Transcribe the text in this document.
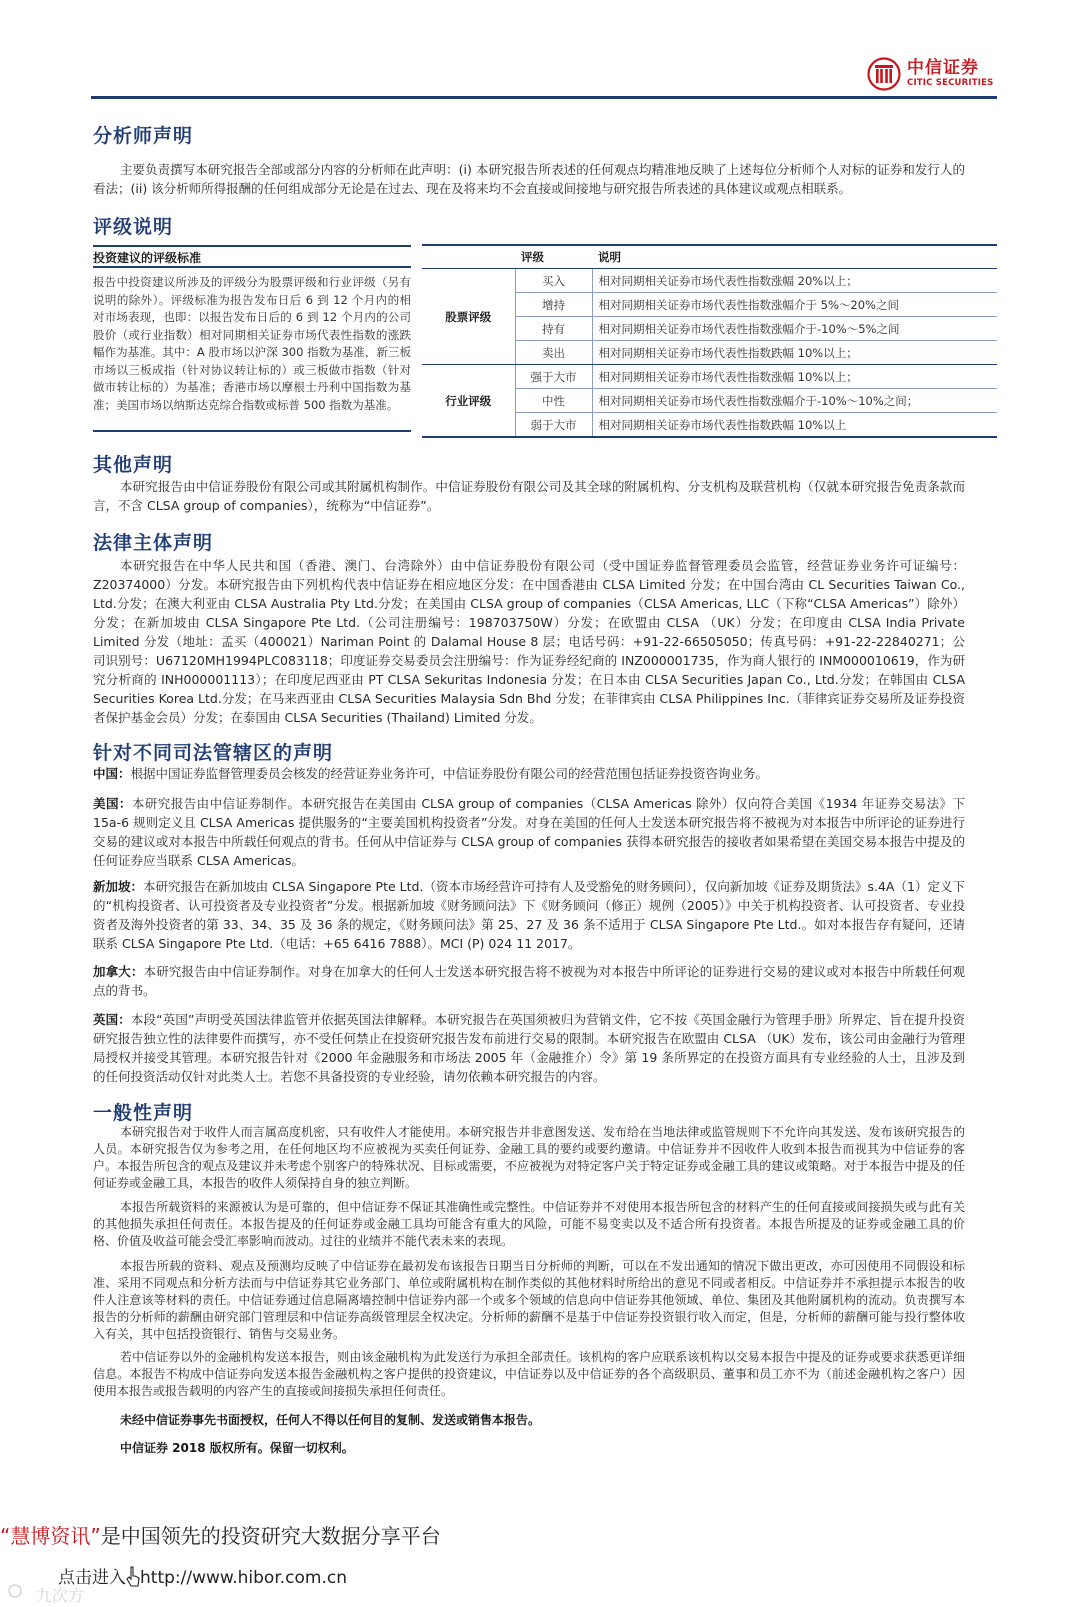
中信证券
CITIC SECURITIES
分析师声明
主要负责撰写本研究报告全部或部分内容的分析师在此声明：(i) 本研究报告所表述的任何观点均精准地反映了上述每位分析师个人对标的证券和发行人的看法；(ii) 该分析师所得报酬的任何组成部分无论是在过去、现在及将来均不会直接或间接地与研究报告所表述的具体建议或观点相联系。
评级说明
投资建议的评级标准
报告中投资建议所涉及的评级分为股票评级和行业评级（另有说明的除外）。评级标准为报告发布日后 6 到 12 个月内的相对市场表现，也即：以报告发布日后的 6 到 12 个月内的公司股价（或行业指数）相对同期相关证券市场代表性指数的涨跌幅作为基准。其中：A 股市场以沪深 300 指数为基准，新三板市场以三板成指（针对协议转让标的）或三板做市指数（针对做市转让标的）为基准；香港市场以摩根士丹利中国指数为基准；美国市场以纳斯达克综合指数或标普 500 指数为基准。
	评级	说明
股票评级	买入	相对同期相关证券市场代表性指数涨幅 20%以上；
	增持	相对同期相关证券市场代表性指数涨幅介于 5%～20%之间
	持有	相对同期相关证券市场代表性指数涨幅介于-10%～5%之间
	卖出	相对同期相关证券市场代表性指数跌幅 10%以上；
行业评级	强于大市	相对同期相关证券市场代表性指数涨幅 10%以上；
	中性	相对同期相关证券市场代表性指数涨幅介于-10%～10%之间；
	弱于大市	相对同期相关证券市场代表性指数跌幅 10%以上
其他声明
本研究报告由中信证券股份有限公司或其附属机构制作。中信证券股份有限公司及其全球的附属机构、分支机构及联营机构（仅就本研究报告免责条款而言，不含 CLSA group of companies），统称为“中信证券”。
法律主体声明
本研究报告在中华人民共和国（香港、澳门、台湾除外）由中信证券股份有限公司（受中国证券监督管理委员会监管，经营证券业务许可证编号：Z20374000）分发。本研究报告由下列机构代表中信证券在相应地区分发：在中国香港由 CLSA Limited 分发；在中国台湾由 CL Securities Taiwan Co., Ltd.分发；在澳大利亚由 CLSA Australia Pty Ltd.分发；在美国由 CLSA group of companies（CLSA Americas, LLC（下称“CLSA Americas”）除外）分发；在新加坡由 CLSA Singapore Pte Ltd.（公司注册编号：198703750W）分发；在欧盟由 CLSA （UK）分发；在印度由 CLSA India Private Limited 分发（地址：孟买（400021）Nariman Point 的 Dalamal House 8 层；电话号码：+91-22-66505050；传真号码：+91-22-22840271；公司识别号：U67120MH1994PLC083118；印度证券交易委员会注册编号：作为证券经纪商的 INZ000001735，作为商人银行的 INM000010619，作为研究分析商的 INH000001113）；在印度尼西亚由 PT CLSA Sekuritas Indonesia 分发；在日本由 CLSA Securities Japan Co., Ltd.分发；在韩国由 CLSA Securities Korea Ltd.分发；在马来西亚由 CLSA Securities Malaysia Sdn Bhd 分发；在菲律宾由 CLSA Philippines Inc.（菲律宾证券交易所及证券投资者保护基金会员）分发；在泰国由 CLSA Securities (Thailand) Limited 分发。
针对不同司法管辖区的声明
中国：根据中国证券监督管理委员会核发的经营证券业务许可，中信证券股份有限公司的经营范围包括证券投资咨询业务。
美国：本研究报告由中信证券制作。本研究报告在美国由 CLSA group of companies（CLSA Americas 除外）仅向符合美国《1934 年证券交易法》下 15a-6 规则定义且 CLSA Americas 提供服务的“主要美国机构投资者”分发。对身在美国的任何人士发送本研究报告将不被视为对本报告中所评论的证券进行交易的建议或对本报告中所载任何观点的背书。任何从中信证券与 CLSA group of companies 获得本研究报告的接收者如果希望在美国交易本报告中提及的任何证券应当联系 CLSA Americas。
新加坡：本研究报告在新加坡由 CLSA Singapore Pte Ltd.（资本市场经营许可持有人及受豁免的财务顾问），仅向新加坡《证券及期货法》s.4A（1）定义下的“机构投资者、认可投资者及专业投资者”分发。根据新加坡《财务顾问法》下《财务顾问（修正）规例（2005）》中关于机构投资者、认可投资者、专业投资者及海外投资者的第 33、34、35 及 36 条的规定，《财务顾问法》第 25、27 及 36 条不适用于 CLSA Singapore Pte Ltd.。如对本报告存有疑问，还请联系 CLSA Singapore Pte Ltd.（电话：+65 6416 7888）。MCI (P) 024 11 2017。
加拿大：本研究报告由中信证券制作。对身在加拿大的任何人士发送本研究报告将不被视为对本报告中所评论的证券进行交易的建议或对本报告中所载任何观点的背书。
英国：本段“英国”声明受英国法律监管并依据英国法律解释。本研究报告在英国须被归为营销文件，它不按《英国金融行为管理手册》所界定、旨在提升投资研究报告独立性的法律要件而撰写，亦不受任何禁止在投资研究报告发布前进行交易的限制。本研究报告在欧盟由 CLSA （UK）发布，该公司由金融行为管理局授权并接受其管理。本研究报告针对《2000 年金融服务和市场法 2005 年（金融推介）令》第 19 条所界定的在投资方面具有专业经验的人士，且涉及到的任何投资活动仅针对此类人士。若您不具备投资的专业经验，请勿依赖本研究报告的内容。
一般性声明
本研究报告对于收件人而言属高度机密，只有收件人才能使用。本研究报告并非意图发送、发布给在当地法律或监管规则下不允许向其发送、发布该研究报告的人员。本研究报告仅为参考之用，在任何地区均不应被视为买卖任何证券、金融工具的要约或要约邀请。中信证券并不因收件人收到本报告而视其为中信证券的客户。本报告所包含的观点及建议并未考虑个别客户的特殊状况、目标或需要，不应被视为对特定客户关于特定证券或金融工具的建议或策略。对于本报告中提及的任何证券或金融工具，本报告的收件人须保持自身的独立判断。
本报告所载资料的来源被认为是可靠的，但中信证券不保证其准确性或完整性。中信证券并不对使用本报告所包含的材料产生的任何直接或间接损失或与此有关的其他损失承担任何责任。本报告提及的任何证券或金融工具均可能含有重大的风险，可能不易变卖以及不适合所有投资者。本报告所提及的证券或金融工具的价格、价值及收益可能会受汇率影响而波动。过往的业绩并不能代表未来的表现。
本报告所载的资料、观点及预测均反映了中信证券在最初发布该报告日期当日分析师的判断，可以在不发出通知的情况下做出更改，亦可因使用不同假设和标准、采用不同观点和分析方法而与中信证券其它业务部门、单位或附属机构在制作类似的其他材料时所给出的意见不同或者相反。中信证券并不承担提示本报告的收件人注意该等材料的责任。中信证券通过信息隔离墙控制中信证券内部一个或多个领域的信息向中信证券其他领域、单位、集团及其他附属机构的流动。负责撰写本报告的分析师的薪酬由研究部门管理层和中信证券高级管理层全权决定。分析师的薪酬不是基于中信证券投资银行收入而定，但是，分析师的薪酬可能与投行整体收入有关，其中包括投资银行、销售与交易业务。
若中信证券以外的金融机构发送本报告，则由该金融机构为此发送行为承担全部责任。该机构的客户应联系该机构以交易本报告中提及的证券或要求获悉更详细信息。本报告不构成中信证券向发送本报告金融机构之客户提供的投资建议，中信证券以及中信证券的各个高级职员、董事和员工亦不为（前述金融机构之客户）因使用本报告或报告载明的内容产生的直接或间接损失承担任何责任。
未经中信证券事先书面授权，任何人不得以任何目的复制、发送或销售本报告。
中信证券 2018 版权所有。保留一切权利。
“慧博资讯”是中国领先的投资研究大数据分享平台
点击进入 http://www.hibor.com.cn
九次方
